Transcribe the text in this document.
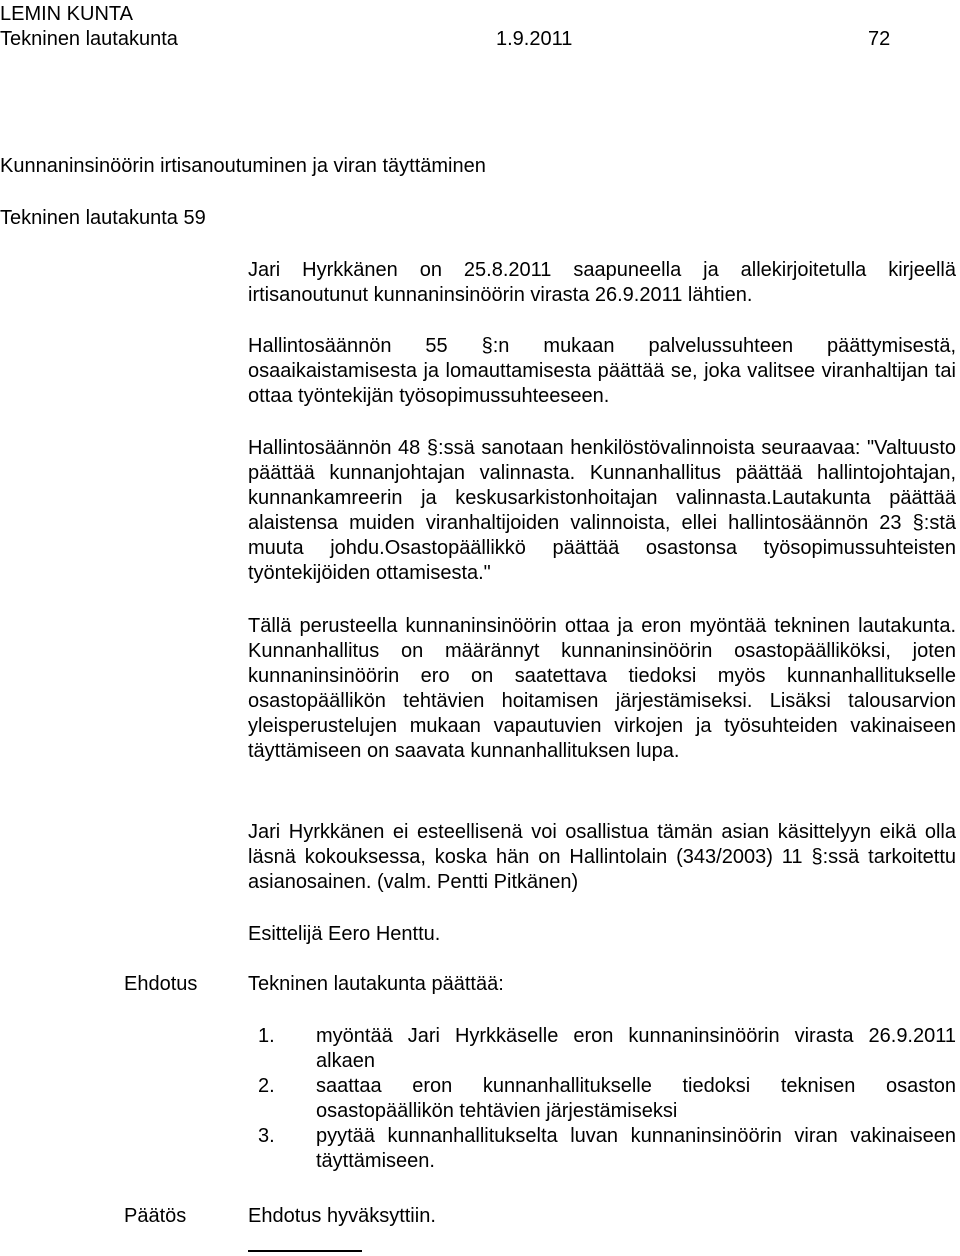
LEMIN KUNTA
Tekninen lautakunta	1.9.2011	72
Kunnaninsinöörin irtisanoutuminen ja viran täyttäminen
Tekninen lautakunta 59

Jari Hyrkkänen on 25.8.2011 saapuneella ja allekirjoitetulla kirjeellä irtisanoutunut kunnaninsinöörin virasta 26.9.2011 lähtien.

Hallintosäännön 55 §:n mukaan palvelussuhteen päättymisestä, osaaikaistamisesta ja lomauttamisesta päättää se, joka valitsee viranhaltijan tai ottaa työntekijän työsopimussuhteeseen.

Hallintosäännön 48 §:ssä sanotaan henkilöstövalinnoista seuraavaa: "Valtuusto päättää kunnanjohtajan valinnasta. Kunnanhallitus päättää hallintojohtajan, kunnankamreerin ja keskusarkistonhoitajan valinnasta.Lautakunta päättää alaistensa muiden viranhaltijoiden valinnoista, ellei hallintosäännön 23 §:stä muuta johdu.Osastopäällikkö päättää osastonsa työsopimussuhteisten työntekijöiden ottamisesta."

Tällä perusteella kunnaninsinöörin ottaa ja eron myöntää tekninen lautakunta. Kunnanhallitus on määrännyt kunnaninsinöörin osastopäälliköksi, joten kunnaninsinöörin ero on saatettava tiedoksi myös kunnanhallitukselle osastopäällikön tehtävien hoitamisen järjestämiseksi. Lisäksi talousarvion yleisperustelujen mukaan vapautuvien virkojen ja työsuhteiden vakinaiseen täyttämiseen on saavata kunnanhallituksen lupa.

Jari Hyrkkänen ei esteellisenä voi osallistua tämän asian käsittelyyn eikä olla läsnä kokouksessa, koska hän on Hallintolain (343/2003) 11 §:ssä tarkoitettu asianosainen. (valm. Pentti Pitkänen)

Esittelijä Eero Henttu.

Ehdotus	Tekninen lautakunta päättää:

1. myöntää Jari Hyrkkäselle eron kunnaninsinöörin virasta 26.9.2011 alkaen
2. saattaa eron kunnanhallitukselle tiedoksi teknisen osaston osastopäällikön tehtävien järjestämiseksi
3. pyytää kunnanhallitukselta luvan kunnaninsinöörin viran vakinaiseen täyttämiseen.
Päätös	Ehdotus hyväksyttiin.
